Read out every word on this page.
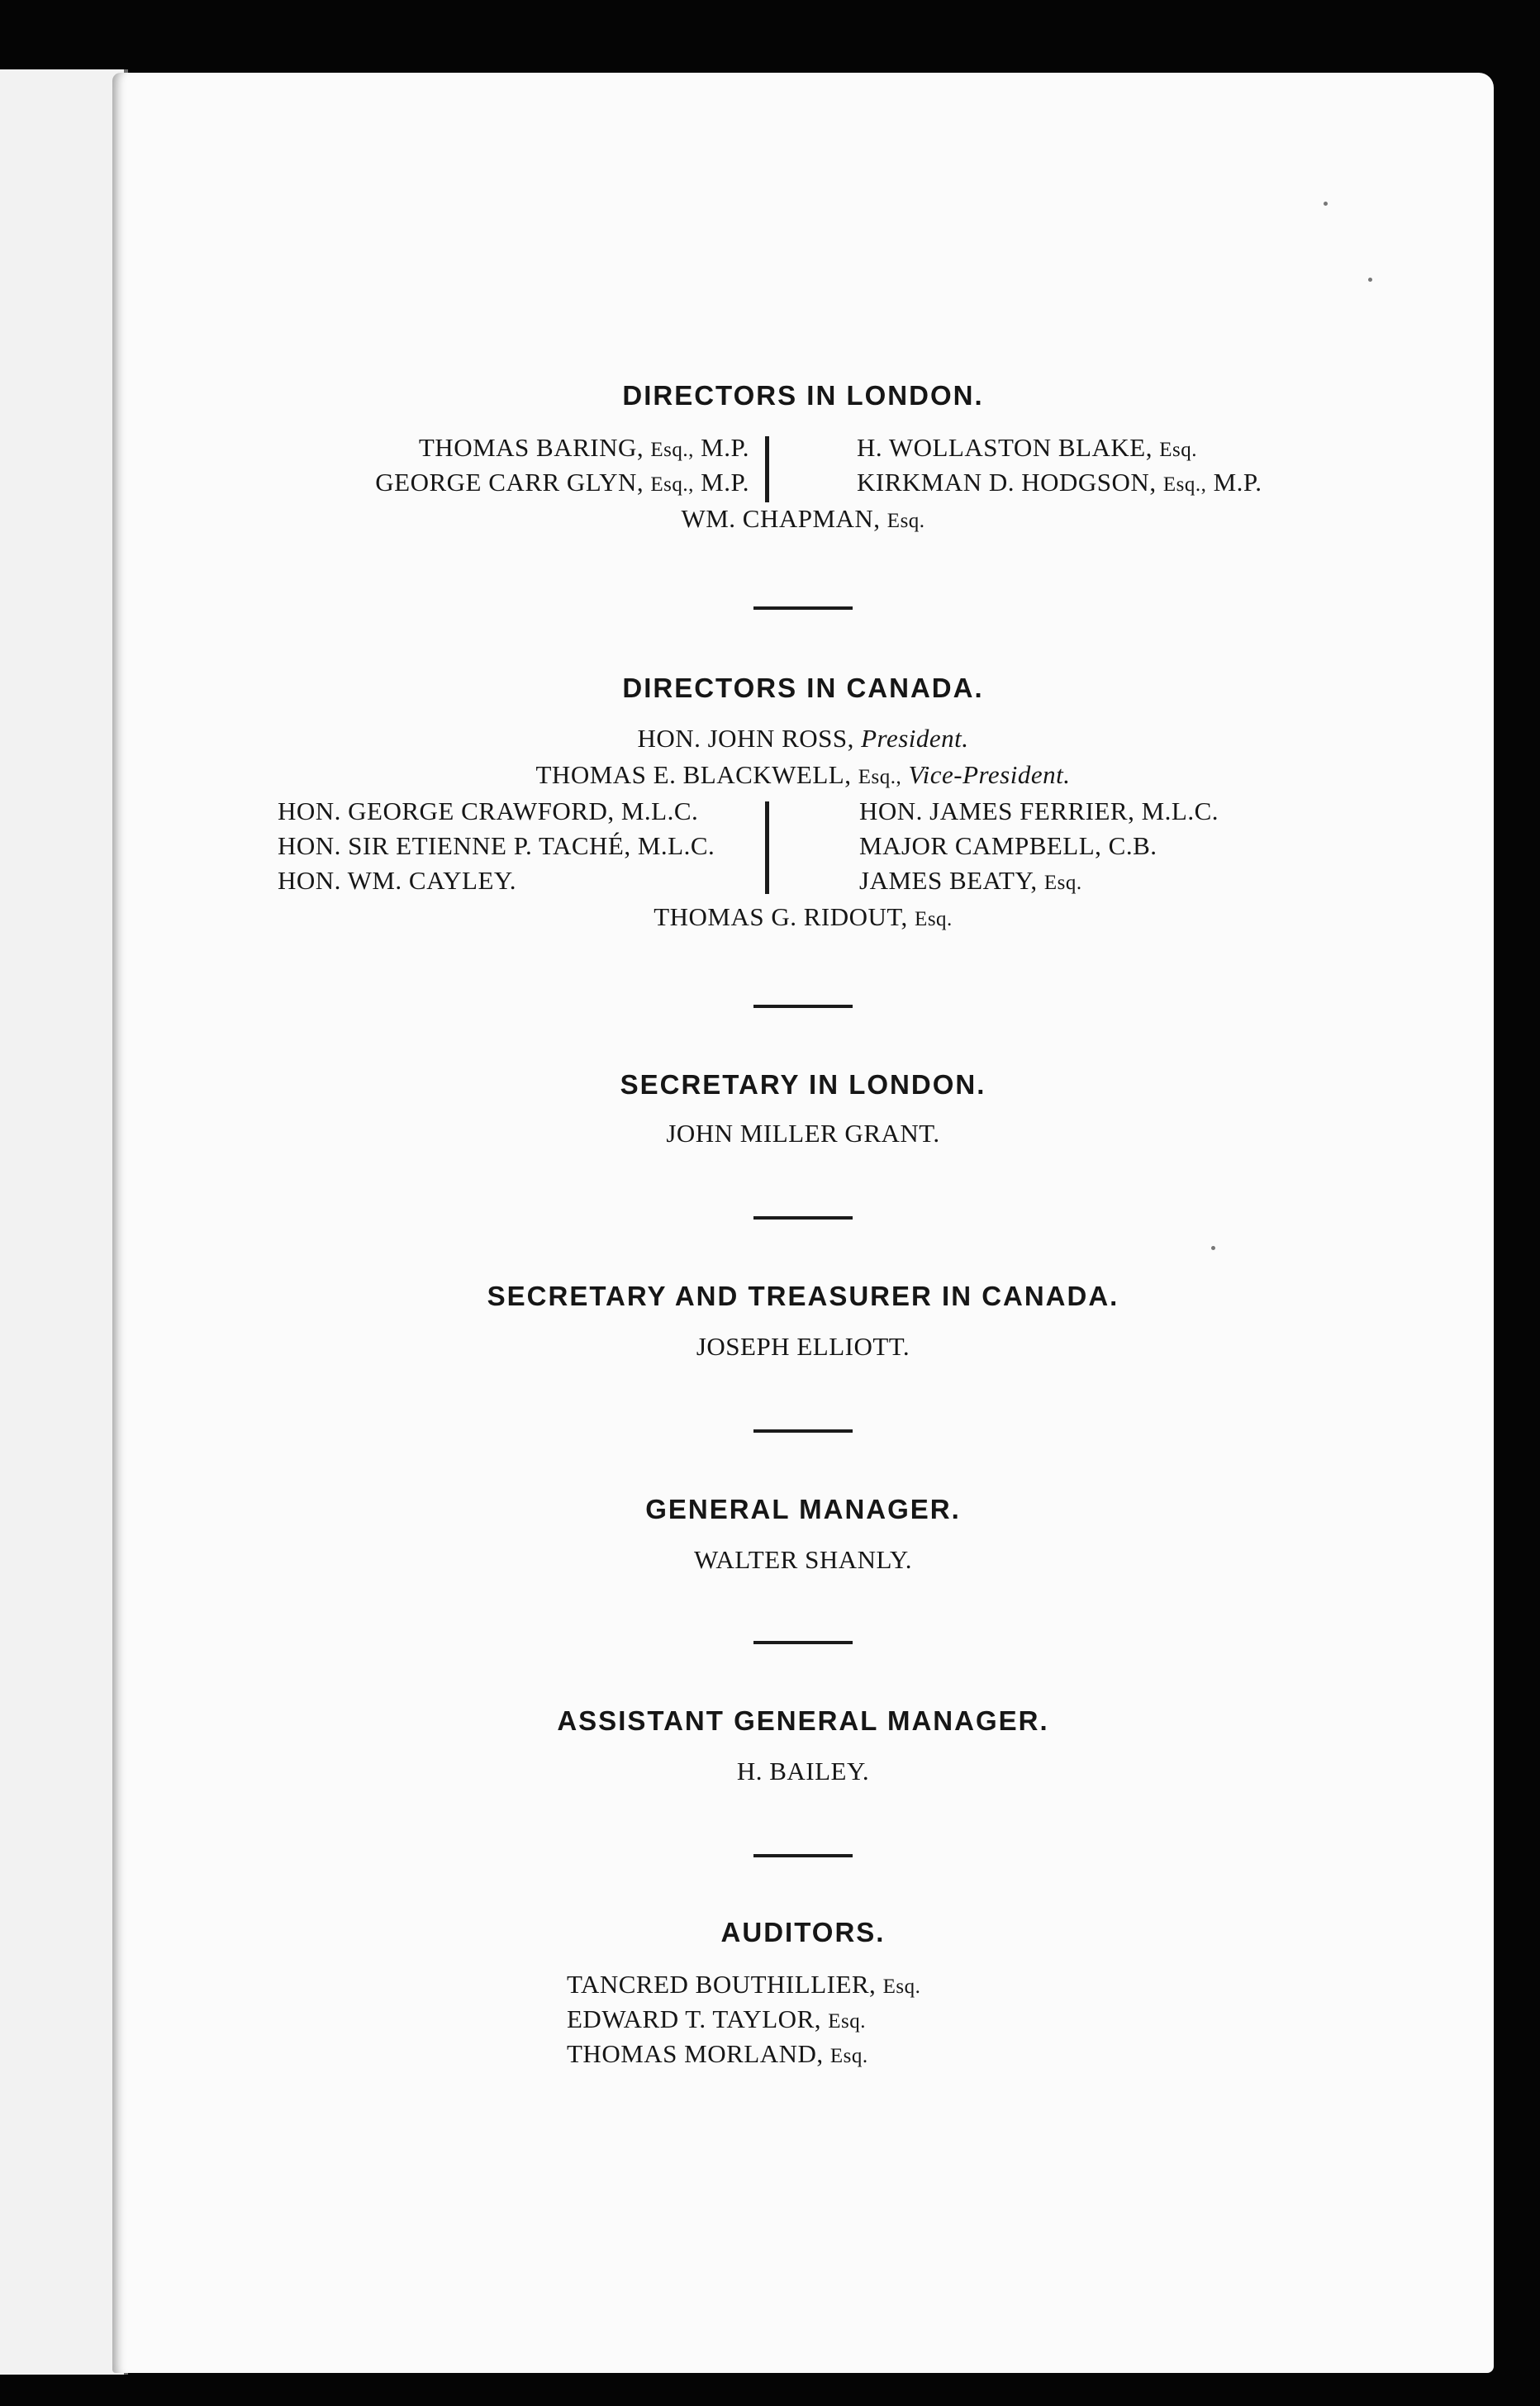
DIRECTORS IN LONDON.
THOMAS BARING, Esq., M.P.
GEORGE CARR GLYN, Esq., M.P.
H. WOLLASTON BLAKE, Esq.
KIRKMAN D. HODGSON, Esq., M.P.
WM. CHAPMAN, Esq.
DIRECTORS IN CANADA.
HON. JOHN ROSS, President.
THOMAS E. BLACKWELL, Esq., Vice-President.
HON. GEORGE CRAWFORD, M.L.C.
HON. SIR ETIENNE P. TACHÉ, M.L.C.
HON. WM. CAYLEY.
HON. JAMES FERRIER, M.L.C.
MAJOR CAMPBELL, C.B.
JAMES BEATY, Esq.
THOMAS G. RIDOUT, Esq.
SECRETARY IN LONDON.
JOHN MILLER GRANT.
SECRETARY AND TREASURER IN CANADA.
JOSEPH ELLIOTT.
GENERAL MANAGER.
WALTER SHANLY.
ASSISTANT GENERAL MANAGER.
H. BAILEY.
AUDITORS.
TANCRED BOUTHILLIER, Esq.
EDWARD T. TAYLOR, Esq.
THOMAS MORLAND, Esq.
